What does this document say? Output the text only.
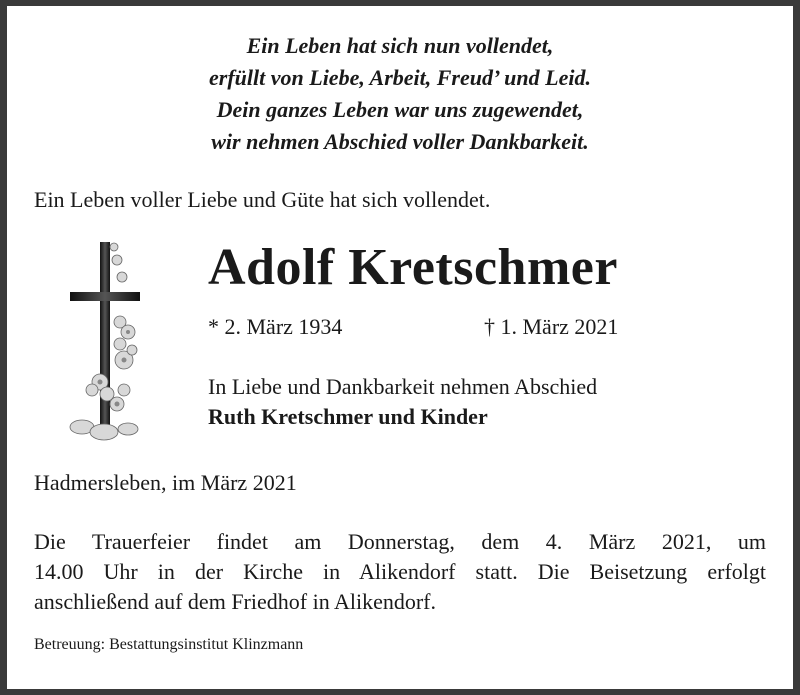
Ein Leben hat sich nun vollendet,
erfüllt von Liebe, Arbeit, Freud’ und Leid.
Dein ganzes Leben war uns zugewendet,
wir nehmen Abschied voller Dankbarkeit.
Ein Leben voller Liebe und Güte hat sich vollendet.
Adolf Kretschmer
* 2. März 1934	† 1. März 2021
In Liebe und Dankbarkeit nehmen Abschied
Ruth Kretschmer und Kinder
Hadmersleben, im März 2021
Die Trauerfeier findet am Donnerstag, dem 4. März 2021, um
14.00 Uhr in der Kirche in Alikendorf statt. Die Beisetzung erfolgt
anschließend auf dem Friedhof in Alikendorf.
Betreuung: Bestattungsinstitut Klinzmann
